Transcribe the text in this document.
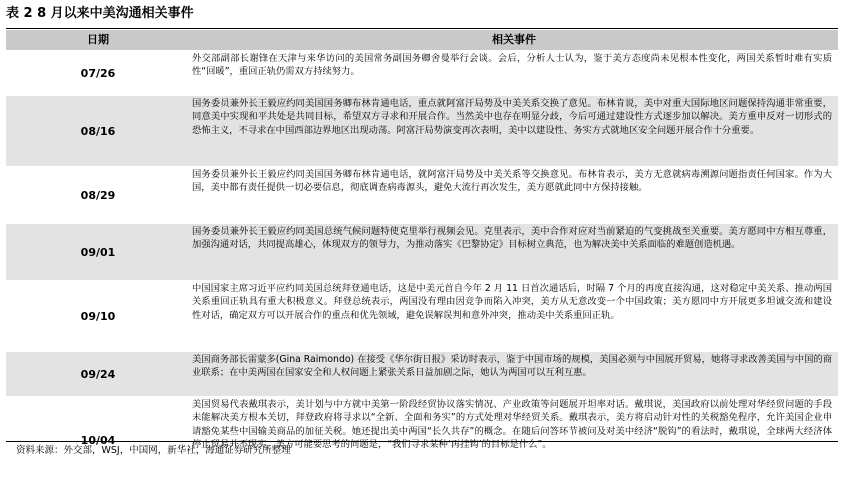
表 2 8 月以来中美沟通相关事件
日期	相关事件
07/26
外交部副部长谢锋在天津与来华访问的美国常务副国务卿舍曼举行会谈。会后，分析人士认为，鉴于美方态度尚未见根本性变化，两国关系暂时难有实质性“回暖”，重回正轨仍需双方持续努力。
08/16
国务委员兼外长王毅应约同美国国务卿布林肯通电话，重点就阿富汗局势及中美关系交换了意见。布林肯说，美中对重大国际地区问题保持沟通非常重要，同意美中实现和平共处是共同目标，希望双方寻求和开展合作。当然美中也存在明显分歧，今后可通过建设性方式逐步加以解决。美方重申反对一切形式的恐怖主义，不寻求在中国西部边界地区出现动荡。阿富汗局势演变再次表明，美中以建设性、务实方式就地区安全问题开展合作十分重要。
08/29
国务委员兼外长王毅应约同美国国务卿布林肯通电话，就阿富汗局势及中美关系等交换意见。布林肯表示，美方无意就病毒溯源问题指责任何国家。作为大国，美中都有责任提供一切必要信息，彻底调查病毒源头，避免大流行再次发生，美方愿就此同中方保持接触。
09/01
国务委员兼外长王毅应约同美国总统气候问题特使克里举行视频会见。克里表示，美中合作对应对当前紧迫的气变挑战至关重要。美方愿同中方相互尊重，加强沟通对话，共同提高雄心，体现双方的领导力，为推动落实《巴黎协定》目标树立典范，也为解决美中关系面临的难题创造机遇。
09/10
中国国家主席习近平应约同美国总统拜登通电话，这是中美元首自今年 2 月 11 日首次通话后，时隔 7 个月的再度直接沟通，这对稳定中美关系、推动两国关系重回正轨具有重大积极意义。拜登总统表示，两国没有理由因竞争而陷入冲突，美方从无意改变一个中国政策；美方愿同中方开展更多坦诚交流和建设性对话，确定双方可以开展合作的重点和优先领域，避免误解误判和意外冲突，推动美中关系重回正轨。
09/24
美国商务部长雷蒙多(Gina Raimondo) 在接受《华尔街日报》采访时表示，鉴于中国市场的规模，美国必须与中国展开贸易，她将寻求改善美国与中国的商业联系；在中美两国在国家安全和人权问题上紧张关系日益加剧之际，她认为两国可以互利互惠。
10/04
美国贸易代表戴琪表示，美计划与中方就中美第一阶段经贸协议落实情况、产业政策等问题展开坦率对话。戴琪说，美国政府以前处理对华经贸问题的手段未能解决美方根本关切，拜登政府将寻求以“全新、全面和务实”的方式处理对华经贸关系。戴琪表示，美方将启动针对性的关税豁免程序，允许美国企业申请豁免某些中国输美商品的加征关税。她还提出美中两国“长久共存”的概念。在随后问答环节被问及对美中经济“脱钩”的看法时，戴琪说，全球两大经济体停止贸易并不现实。美方可能要思考的问题是，“我们寻求某种‘再挂钩’的目标是什么”。
资料来源：外交部，WSJ，中国网，新华社，海通证券研究所整理
